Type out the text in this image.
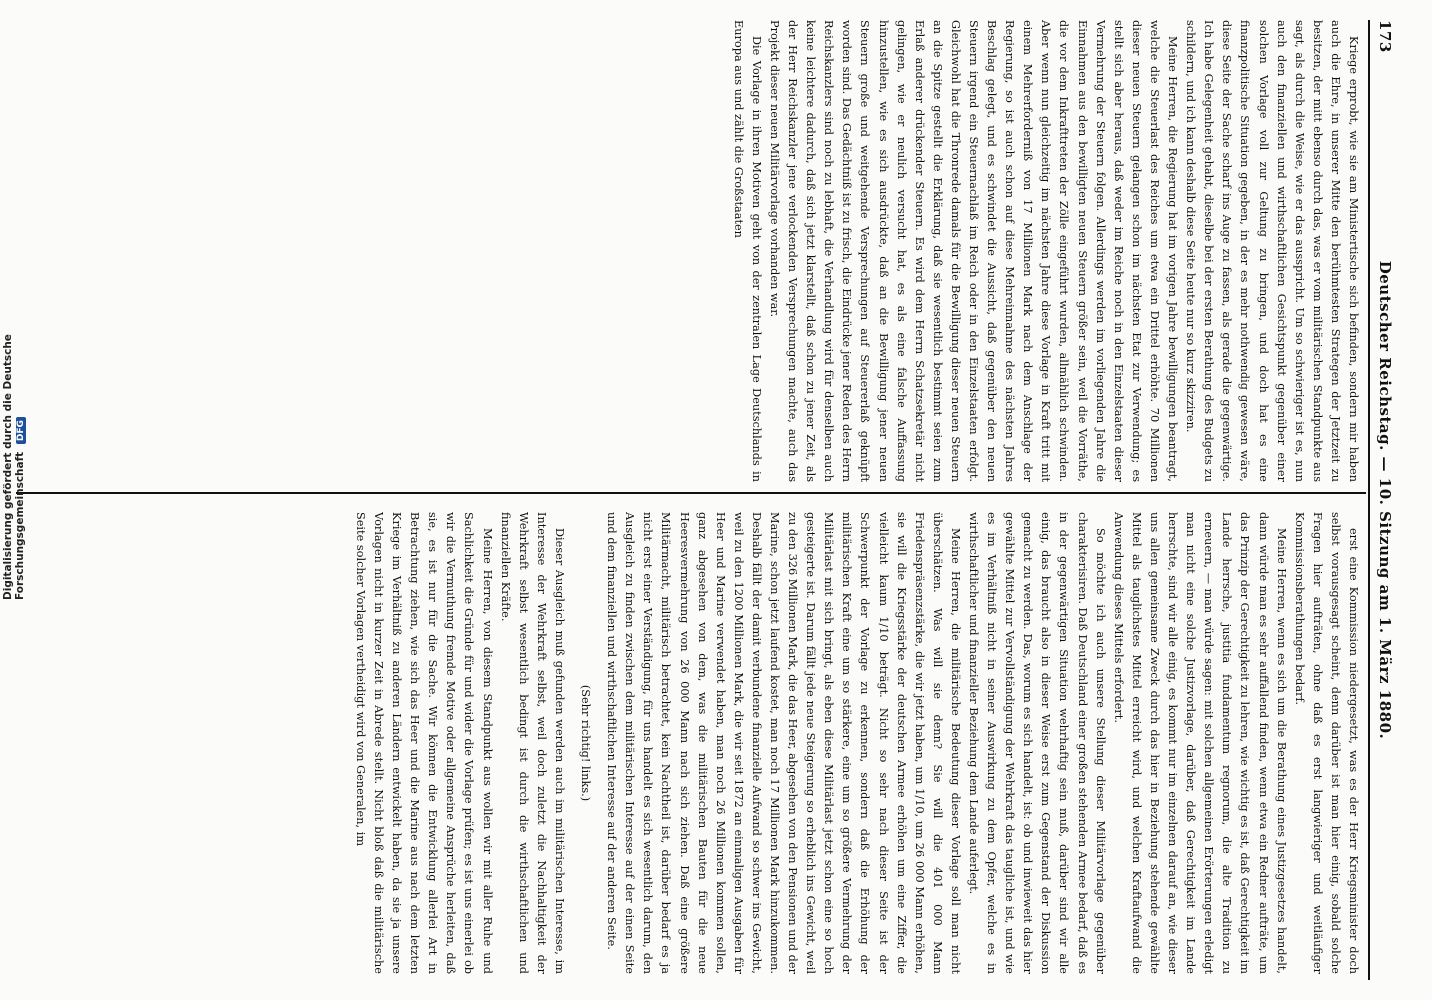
173
Deutscher Reichstag. — 10. Sitzung am 1. März 1880.

Kriege erprobt, wie sie am Ministertische sich befinden, sondern mir haben auch die Ehre, in unserer Mitte den berühmtesten Strategen der Jetztzeit zu besitzen, der mitt ebenso durch das, was er vom militärischen Standpunkte aus sagt, als durch die Weise, wie er das ausspricht. Um so schwieriger ist es, nun auch den finanziellen und wirthschaftlichen Gesichtspunkt gegenüber einer solchen Vorlage voll zur Geltung zu bringen, und doch hat es eine finanzpolitische Situation gegeben, in der es mehr nothwendig gewesen wäre, diese Seite der Sache scharf ins Auge zu fassen, als gerade die gegenwärtige. Ich habe Gelegenheit gehabt, dieselbe bei der ersten Berathung des Budgets zu schildern, und ich kann deshalb diese Seite heute nur so kurz skizziren.

Meine Herren, die Regierung hat im vorigen Jahre bewilligungen beantragt, welche die Steuerlast des Reiches um etwa ein Drittel erhöhte. 70 Millionen dieser neuen Steuern gelangen schon im nächsten Etat zur Verwendung; es stellt sich aber heraus, daß weder im Reiche noch in den Einzelstaaten dieser Vermehrung der Steuern folgen. Allerdings werden im vorliegenden Jahre die Einnahmen aus den bewilligten neuen Steuern größer sein, weil die Vorräthe, die vor dem Inkrafttreten der Zölle eingeführt wurden, allmählich schwinden. Aber wenn nun gleichzeitig im nächsten Jahre diese Vorlage in Kraft tritt mit einem Mehrerforderniß von 17 Millionen Mark nach dem Anschlage der Regierung, so ist auch schon auf diese Mehreinnahme des nächsten Jahres Beschlag gelegt, und es schwindet die Aussicht, daß gegenüber den neuen Steuern irgend ein Steuernachlaß im Reich oder in den Einzelstaaten erfolgt. Gleichwohl hat die Thronrede damals für die Bewilligung dieser neuen Steuern an die Spitze gestellt die Erklärung, daß sie wesentlich bestimmt seien zum Erlaß anderer drückender Steuern. Es wird dem Herrn Schatzsekretär nicht gelingen, wie er neulich versucht hat, es als eine falsche Auffassung hinzustellen, wie es sich ausdrückte, daß an die Bewilligung jener neuen Steuern große und weitgehende Versprechungen auf Steuererlaß geknüpft worden sind. Das Gedächtniß ist zu frisch, die Eindrücke jener Reden des Herrn Reichskanzlers sind noch zu lebhaft, die Verhandlung wird für denselben auch keine leichtere dadurch, daß sich jetzt klarstellt, daß schon zu jener Zeit, als der Herr Reichskanzler jene verlockenden Versprechungen machte, auch das Projekt dieser neuen Militärvorlage vorhanden war.

Die Vorlage in ihren Motiven geht von der zentralen Lage Deutschlands in Europa aus und zählt die Großstaaten

erst eine Kommission niedergesetzt, was es der Herr Kriegsminister doch selbst vorausgesagt scheint, denn darüber ist man hier einig, sobald solche Fragen hier aufträten, ohne daß es erst langwieriger und weitläufiger Kommissionsberathungen bedarf.

Meine Herren, wenn es sich um die Berathung eines Justizgesetzes handelt, dann würde man es sehr auffallend finden, wenn etwa ein Redner aufträte, um das Prinzip der Gerechtigkeit zu lehren, wie wichtig es ist, daß Gerechtigkeit im Lande herrsche, justitia fundamentum regnorum, die alte Tradition zu erneuern, — man würde sagen: mit solchen allgemeinen Erörterungen erledigt man nicht eine solche Justizvorlage, darüber, daß Gerechtigkeit im Lande herrschte, sind wir alle einig, es kommt nur im einzelnen darauf an, wie dieser uns allen gemeinsame Zweck durch das hier in Beziehung stehende gewählte Mittel als tauglichstes Mittel erreicht wird, und welchen Kraftaufwand die Anwendung dieses Mittels erfordert.

So möchte ich auch unsere Stellung dieser Militärvorlage gegenüber charakterisiren. Daß Deutschland einer großen stehenden Armee bedarf, daß es in der gegenwärtigen Situation wehrhaftig sein muß, darüber sind wir alle einig, das braucht also in dieser Weise erst zum Gegenstand der Diskussion gemacht zu werden. Das, worum es sich handelt, ist: ob und inwieweit das hier gewählte Mittel zur Vervollständigung der Wehrkraft das taugliche ist, und wie es im Verhältniß nicht in seiner Auswirkung zu dem Opfer, welche es in wirthschaftlicher und finanzieller Beziehung dem Lande auferlegt.

Meine Herren, die militärische Bedeutung dieser Vorlage soll man nicht überschätzen. Was will sie denn? Sie will die 401 000 Mann Friedenspräsenzstärke, die wir jetzt haben, um 1/10, um 26 000 Mann erhöhen, sie will die Kriegsstärke der deutschen Armee erhöhen um eine Ziffer, die vielleicht kaum 1/10 beträgt. Nicht so sehr nach dieser Seite ist der Schwerpunkt der Vorlage zu erkennen, sondern daß die Erhöhung der militärischen Kraft eine um so stärkere, eine um so größere Vermehrung der Militärlast mit sich bringt, als eben diese Militärlast jetzt schon eine so hoch gesteigerte ist. Darum fällt jede neue Steigerung so erheblich ins Gewicht, weil zu den 326 Millionen Mark, die das Heer, abgesehen von den Pensionen und der Marine, schon jetzt laufend kostet, man noch 17 Millionen Mark hinzukommen. Deshalb fällt der damit verbundene finanzielle Aufwand so schwer ins Gewicht, weil zu den 1200 Millionen Mark, die wir seit 1872 an einmaligen Ausgaben für Heer und Marine verwendet haben, man noch 26 Millionen kommen sollen, ganz abgesehen von dem, was die militärischen Bauten für die neue Heeresvermehrung von 26 000 Mann nach sich ziehen. Daß eine größere Militärmacht, militärisch betrachtet, kein Nachtheil ist, darüber bedarf es ja nicht erst einer Verständigung, für uns handelt es sich wesentlich darum, den Ausgleich zu finden zwischen dem militärischen Interesse auf der einen Seite und dem finanziellen und wirthschaftlichen Interesse auf der anderen Seite.

(Sehr richtig! links.)

Dieser Ausgleich muß gefunden werden auch im militärischen Interesse, im Interesse der Wehrkraft selbst, weil doch zuletzt die Nachhaltigkeit der Wehrkraft selbst wesentlich bedingt ist durch die wirthschaftlichen und finanziellen Kräfte.

Meine Herren, von diesem Standpunkt aus wollen wir mit aller Ruhe und Sachlichkeit die Gründe für und wider die Vorlage prüfen; es ist uns einerlei ob wir die Vermuthung fremde Motive oder allgemeine Ansprüche herleiten, daß sie, es ist nur für die Sache. Wir können die Entwicklung allerlei Art in Betrachtung ziehen, wie sich das Heer und die Marine aus nach dem letzten Kriege im Verhältniß zu anderen Ländern entwickelt haben, da sie ja unsere Vorlagen nicht in kurzer Zeit in Abrede stellt. Nicht bloß daß die militärische Seite solcher Vorlagen vertheidigt wird von Generalen, im

Digitalisierung gefördert durch die Deutsche Forschungsgemeinschaft DFG
